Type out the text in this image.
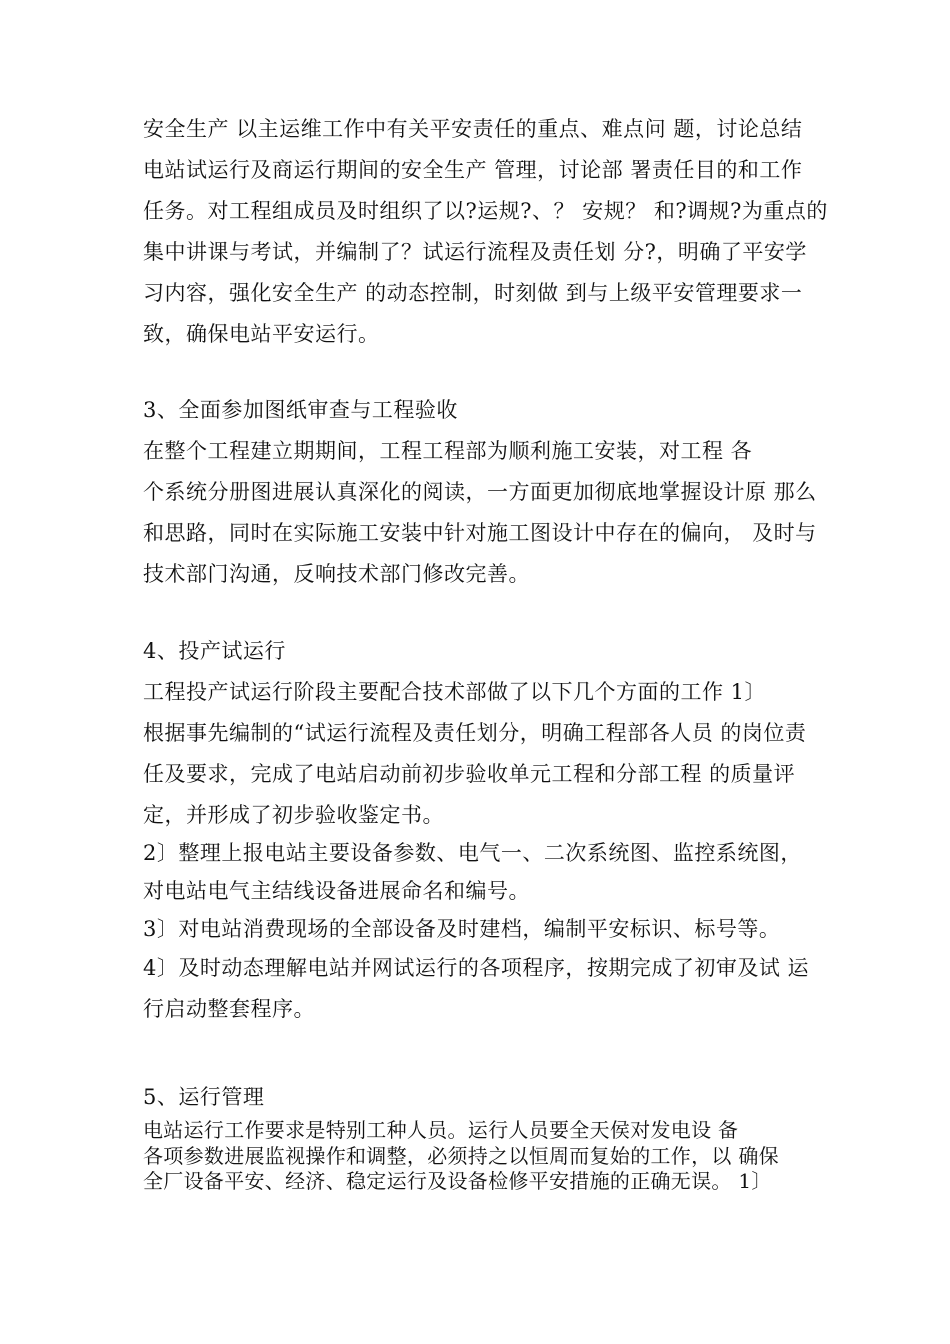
安全生产 以主运维工作中有关平安责任的重点、难点问 题，讨论总结
电站试运行及商运行期间的安全生产 管理，讨论部 署责任目的和工作
任务。对工程组成员及时组织了以?运规?、？ 安规？ 和?调规?为重点的
集中讲课与考试，并编制了？试运行流程及责任划 分?，明确了平安学
习内容，强化安全生产 的动态控制，时刻做 到与上级平安管理要求一
致，确保电站平安运行。
3、全面参加图纸审查与工程验收
在整个工程建立期期间，工程工程部为顺利施工安装，对工程 各
个系统分册图进展认真深化的阅读，一方面更加彻底地掌握设计原 那么
和思路，同时在实际施工安装中针对施工图设计中存在的偏向， 及时与
技术部门沟通，反响技术部门修改完善。
4、投产试运行
工程投产试运行阶段主要配合技术部做了以下几个方面的工作 1〕
根据事先编制的“试运行流程及责任划分，明确工程部各人员 的岗位责
任及要求，完成了电站启动前初步验收单元工程和分部工程 的质量评
定，并形成了初步验收鉴定书。
2〕整理上报电站主要设备参数、电气一、二次系统图、监控系统图，
对电站电气主结线设备进展命名和编号。
3〕对电站消费现场的全部设备及时建档，编制平安标识、标号等。
4〕及时动态理解电站并网试运行的各项程序，按期完成了初审及试 运
行启动整套程序。
5、运行管理
电站运行工作要求是特别工种人员。运行人员要全天侯对发电设 备
各项参数进展监视操作和调整，必须持之以恒周而复始的工作，以 确保
全厂设备平安、经济、稳定运行及设备检修平安措施的正确无误。 1〕
